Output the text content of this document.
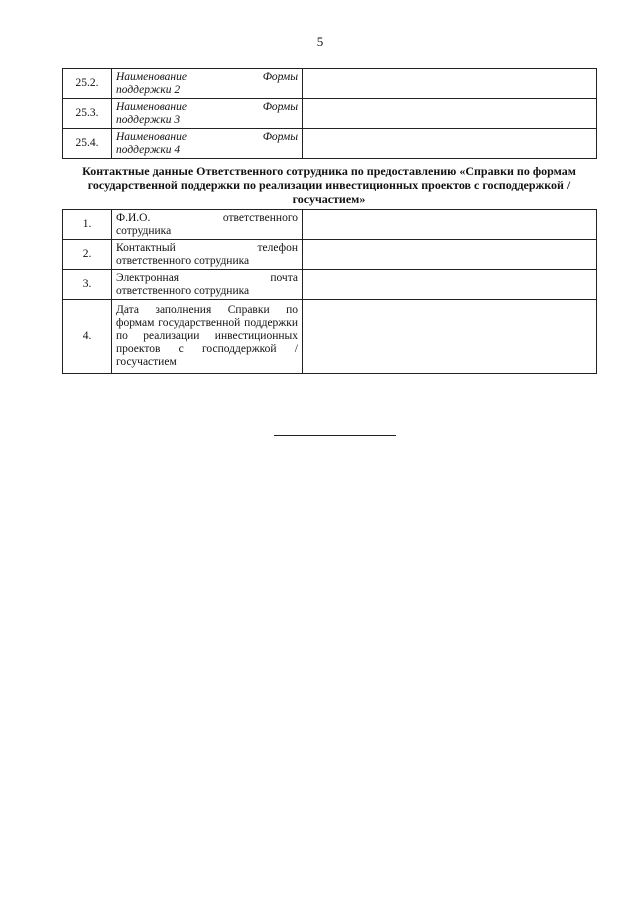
5
25.2.	Наименование Формы
поддержки 2	

25.3.	Наименование Формы
поддержки 3	

25.4.	Наименование Формы
поддержки 4	

Контактные данные Ответственного сотрудника по предоставлению «Справки по формам государственной поддержки по реализации инвестиционных проектов с господдержкой / госучастием»
1.	Ф.И.О. ответственного
сотрудника	

2.	Контактный телефон
ответственного сотрудника	

3.	Электронная почта
ответственного сотрудника	

4.	Дата заполнения Справки по формам государственной поддержки по реализации инвестиционных проектов с господдержкой / госучастием	
